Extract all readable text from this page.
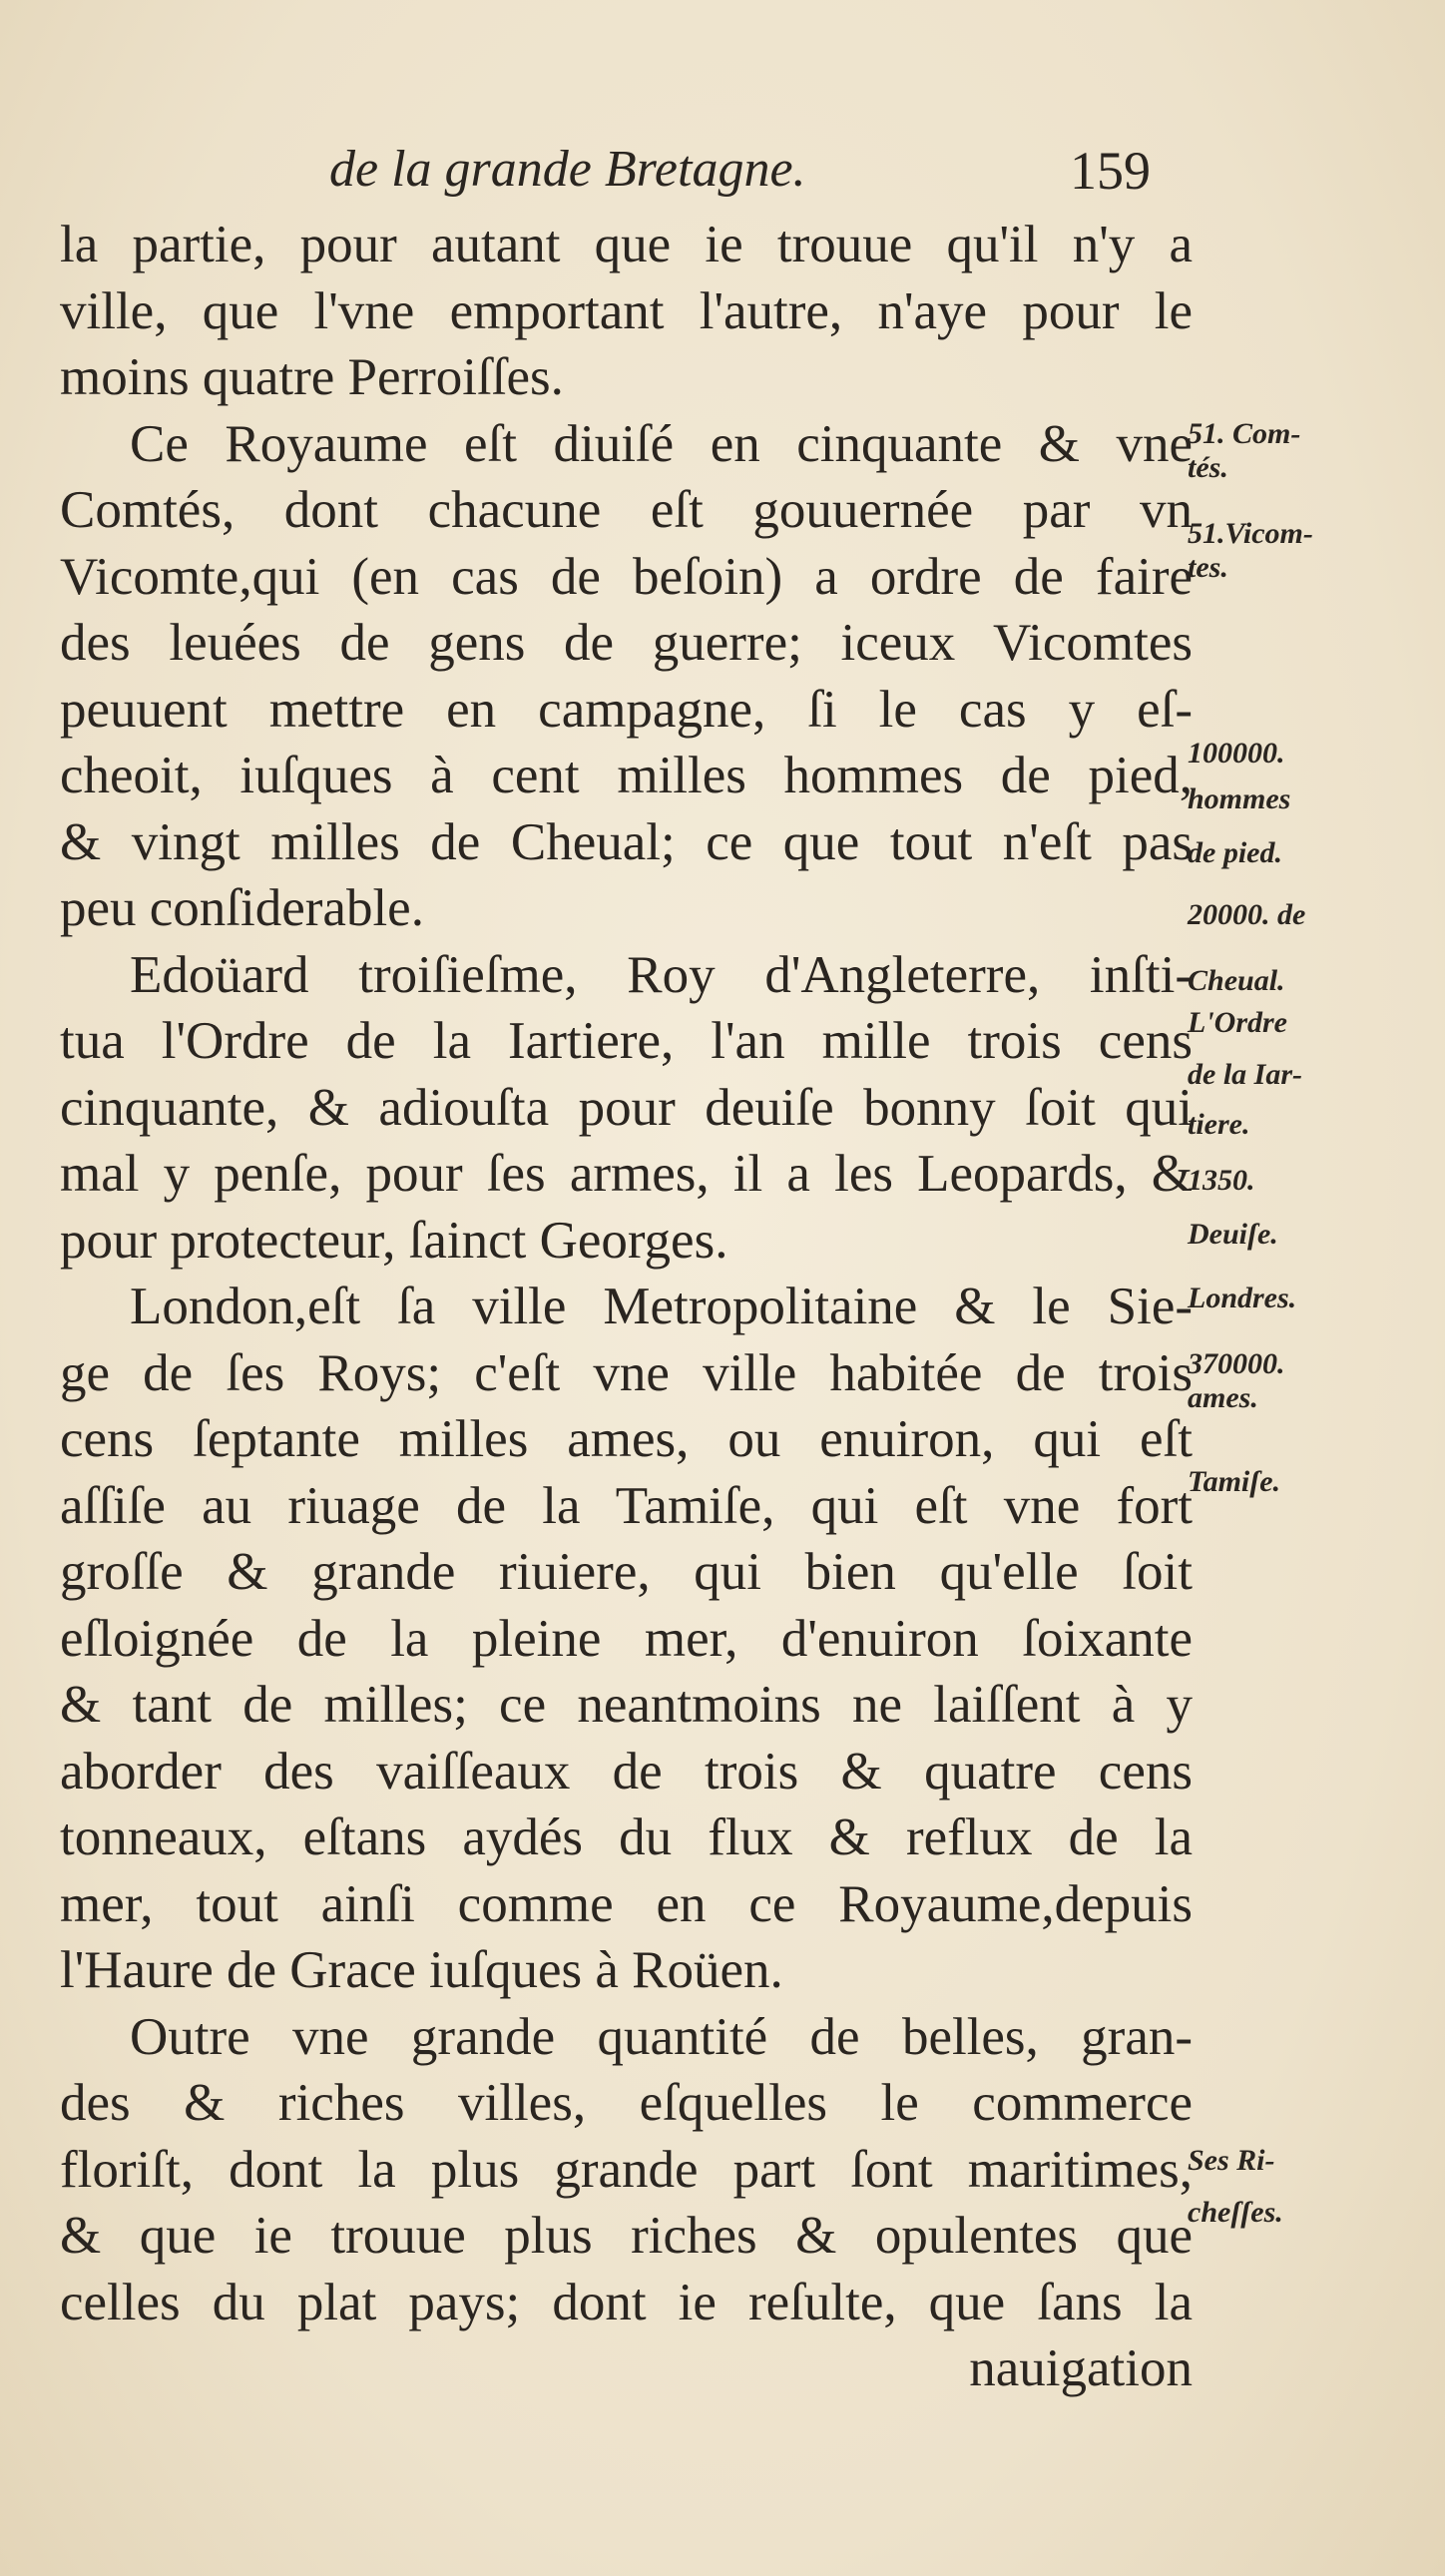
de la grande Bretagne.	159
la partie, pour autant que ie trouue qu'il n'y a
ville, que l'vne emportant l'autre, n'aye pour le
moins quatre Perroiſſes.
Ce Royaume eſt diuiſé en cinquante & vne
Comtés, dont chacune eſt gouuernée par vn
Vicomte,qui (en cas de beſoin) a ordre de faire
des leuées de gens de guerre; iceux Vicomtes
peuuent mettre en campagne, ſi le cas y eſ-
cheoit, iuſques à cent milles hommes de pied,
& vingt milles de Cheual; ce que tout n'eſt pas
peu conſiderable.
Edoüard troiſieſme, Roy d'Angleterre, inſti-
tua l'Ordre de la Iartiere, l'an mille trois cens
cinquante, & adiouſta pour deuiſe bonny ſoit qui
mal y penſe, pour ſes armes, il a les Leopards, &
pour protecteur, ſainct Georges.
London,eſt ſa ville Metropolitaine & le Sie-
ge de ſes Roys; c'eſt vne ville habitée de trois
cens ſeptante milles ames, ou enuiron, qui eſt
aſſiſe au riuage de la Tamiſe, qui eſt vne fort
groſſe & grande riuiere, qui bien qu'elle ſoit
eſloignée de la pleine mer, d'enuiron ſoixante
& tant de milles; ce neantmoins ne laiſſent à y
aborder des vaiſſeaux de trois & quatre cens
tonneaux, eſtans aydés du flux & reflux de la
mer, tout ainſi comme en ce Royaume,depuis
l'Haure de Grace iuſques à Roüen.
Outre vne grande quantité de belles, gran-
des & riches villes, eſquelles le commerce
floriſt, dont la plus grande part ſont maritimes,
& que ie trouue plus riches & opulentes que
celles du plat pays; dont ie reſulte, que ſans la
nauigation
51. Com-
tés.
51.Vicom-
tes.
100000.
hommes
de pied.
20000. de
Cheual.
L'Ordre
de la Iar-
tiere.
1350.
Deuiſe.
Londres.
370000.
ames.
Tamiſe.
Ses Ri-
cheſſes.
